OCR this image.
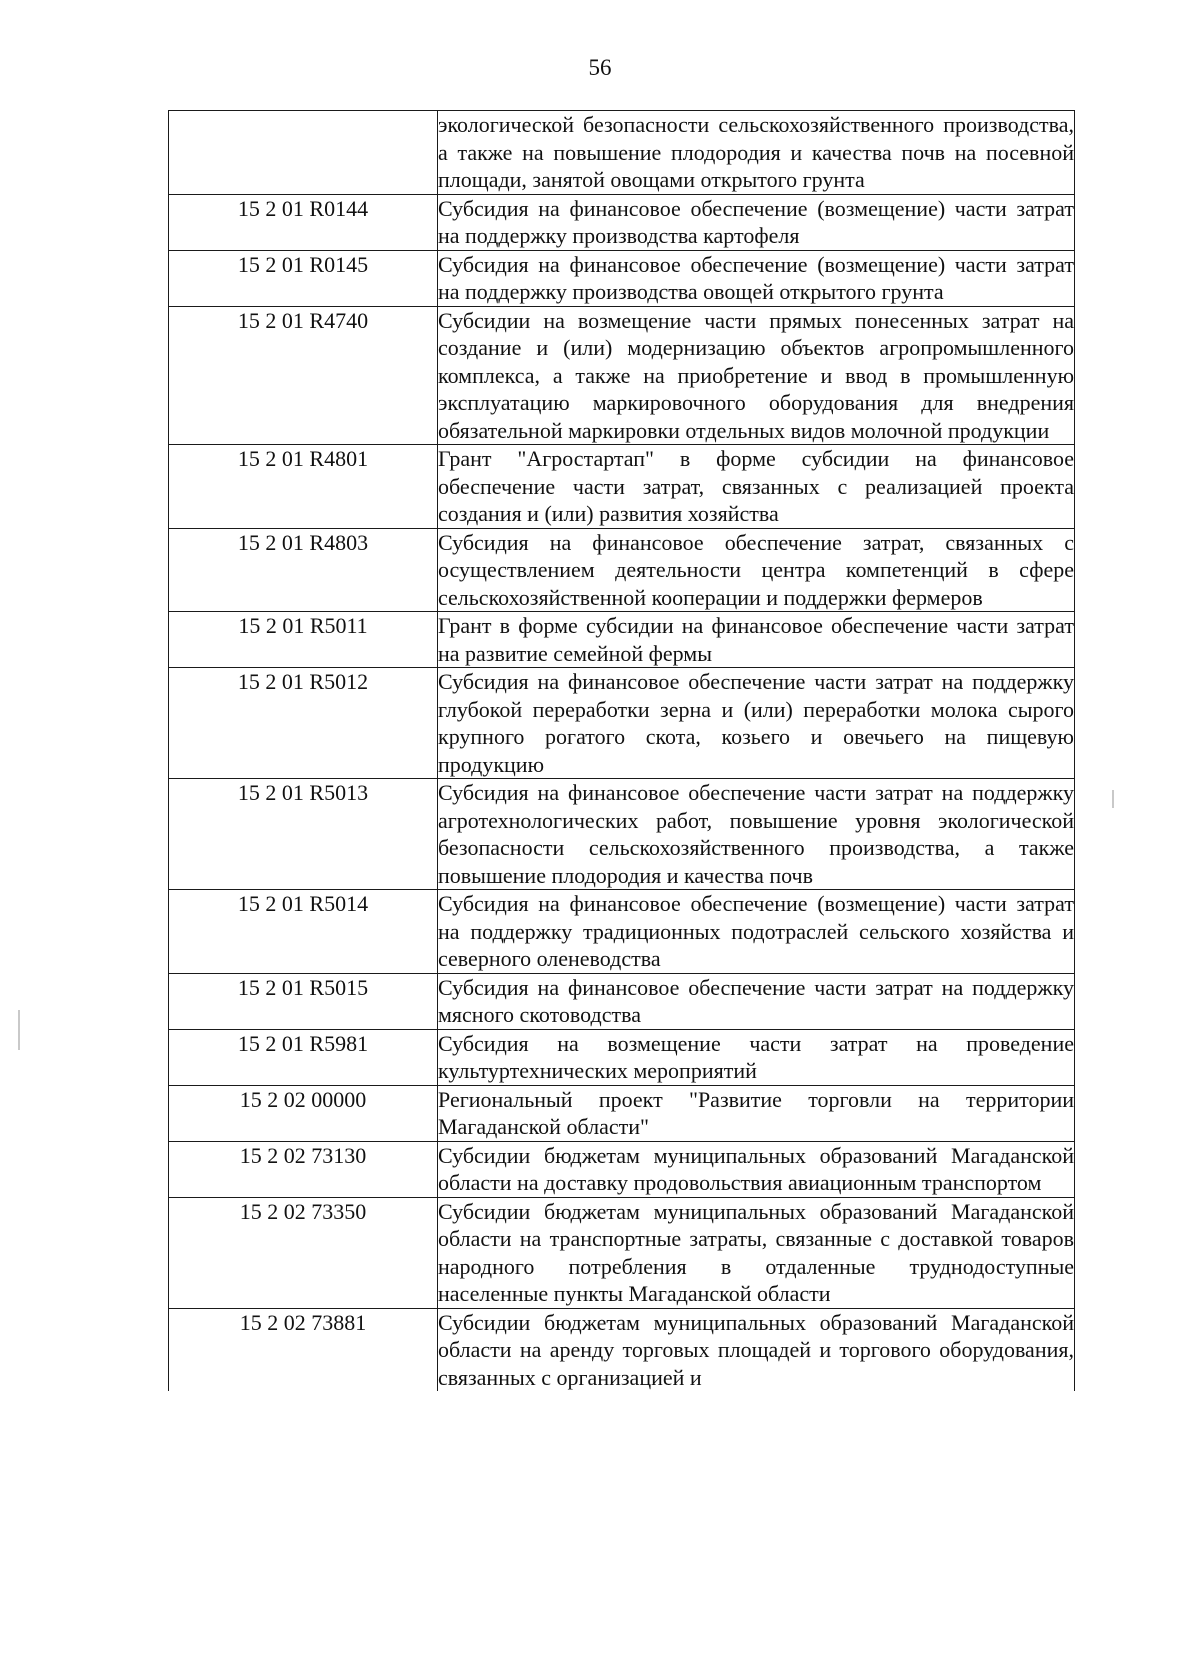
56
	экологической безопасности сельскохозяйственного производства, а также на повышение плодородия и качества почв на посевной площади, занятой овощами открытого грунта
15 2 01 R0144	Субсидия на финансовое обеспечение (возмещение) части затрат на поддержку производства картофеля
15 2 01 R0145	Субсидия на финансовое обеспечение (возмещение) части затрат на поддержку производства овощей открытого грунта
15 2 01 R4740	Субсидии на возмещение части прямых понесенных затрат на создание и (или) модернизацию объектов агропромышленного комплекса, а также на приобретение и ввод в промышленную эксплуатацию маркировочного оборудования для внедрения обязательной маркировки отдельных видов молочной продукции
15 2 01 R4801	Грант "Агростартап" в форме субсидии на финансовое обеспечение части затрат, связанных с реализацией проекта создания и (или) развития хозяйства
15 2 01 R4803	Субсидия на финансовое обеспечение затрат, связанных с осуществлением деятельности центра компетенций в сфере сельскохозяйственной кооперации и поддержки фермеров
15 2 01 R5011	Грант в форме субсидии на финансовое обеспечение части затрат на развитие семейной фермы
15 2 01 R5012	Субсидия на финансовое обеспечение части затрат на поддержку глубокой переработки зерна и (или) переработки молока сырого крупного рогатого скота, козьего и овечьего на пищевую продукцию
15 2 01 R5013	Субсидия на финансовое обеспечение части затрат на поддержку агротехнологических работ, повышение уровня экологической безопасности сельскохозяйственного производства, а также повышение плодородия и качества почв
15 2 01 R5014	Субсидия на финансовое обеспечение (возмещение) части затрат на поддержку традиционных подотраслей сельского хозяйства и северного оленеводства
15 2 01 R5015	Субсидия на финансовое обеспечение части затрат на поддержку мясного скотоводства
15 2 01 R5981	Субсидия на возмещение части затрат на проведение культуртехнических мероприятий
15 2 02 00000	Региональный проект "Развитие торговли на территории Магаданской области"
15 2 02 73130	Субсидии бюджетам муниципальных образований Магаданской области на доставку продовольствия авиационным транспортом
15 2 02 73350	Субсидии бюджетам муниципальных образований Магаданской области на транспортные затраты, связанные с доставкой товаров народного потребления в отдаленные труднодоступные населенные пункты Магаданской области
15 2 02 73881	Субсидии бюджетам муниципальных образований Магаданской области на аренду торговых площадей и торгового оборудования, связанных с организацией и
